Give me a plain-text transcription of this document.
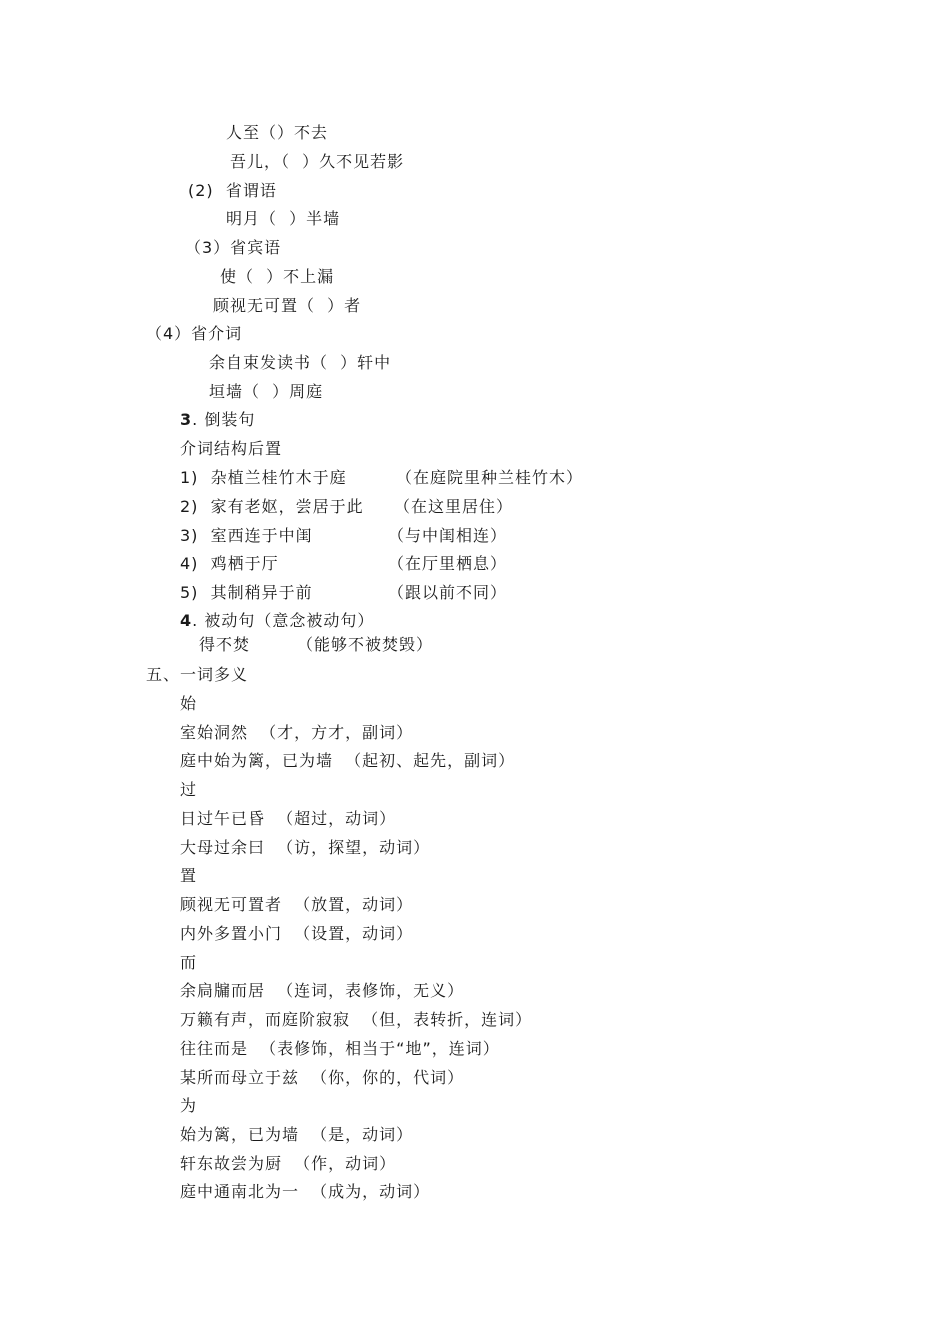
人至（）不去
吾儿，（  ）久不见若影
(2)  省谓语
明月（  ）半墙
（3）省宾语
使（  ）不上漏
顾视无可置（  ）者
（4）省介词
余自束发读书（  ）轩中
垣墙（  ）周庭
3. 倒装句
介词结构后置
1)  杂植兰桂竹木于庭	（在庭院里种兰桂竹木）
2)  家有老妪，尝居于此 （在这里居住）
3)  室西连于中闺	（与中闺相连）
4)  鸡栖于厅	（在厅里栖息）
5)  其制稍异于前	（跟以前不同）
4. 被动句（意念被动句）
得不焚	（能够不被焚毁）
五、一词多义
始
室始洞然  （才，方才，副词）
庭中始为篱，已为墙  （起初、起先，副词）
过
日过午已昏  （超过，动词）
大母过余曰  （访，探望，动词）
置
顾视无可置者  （放置，动词）
内外多置小门  （设置，动词）
而
余扃牖而居  （连词，表修饰，无义）
万籁有声，而庭阶寂寂  （但，表转折，连词）
往往而是  （表修饰，相当于“地”，连词）
某所而母立于兹  （你，你的，代词）
为
始为篱，已为墙  （是，动词）
轩东故尝为厨  （作，动词）
庭中通南北为一  （成为，动词）
